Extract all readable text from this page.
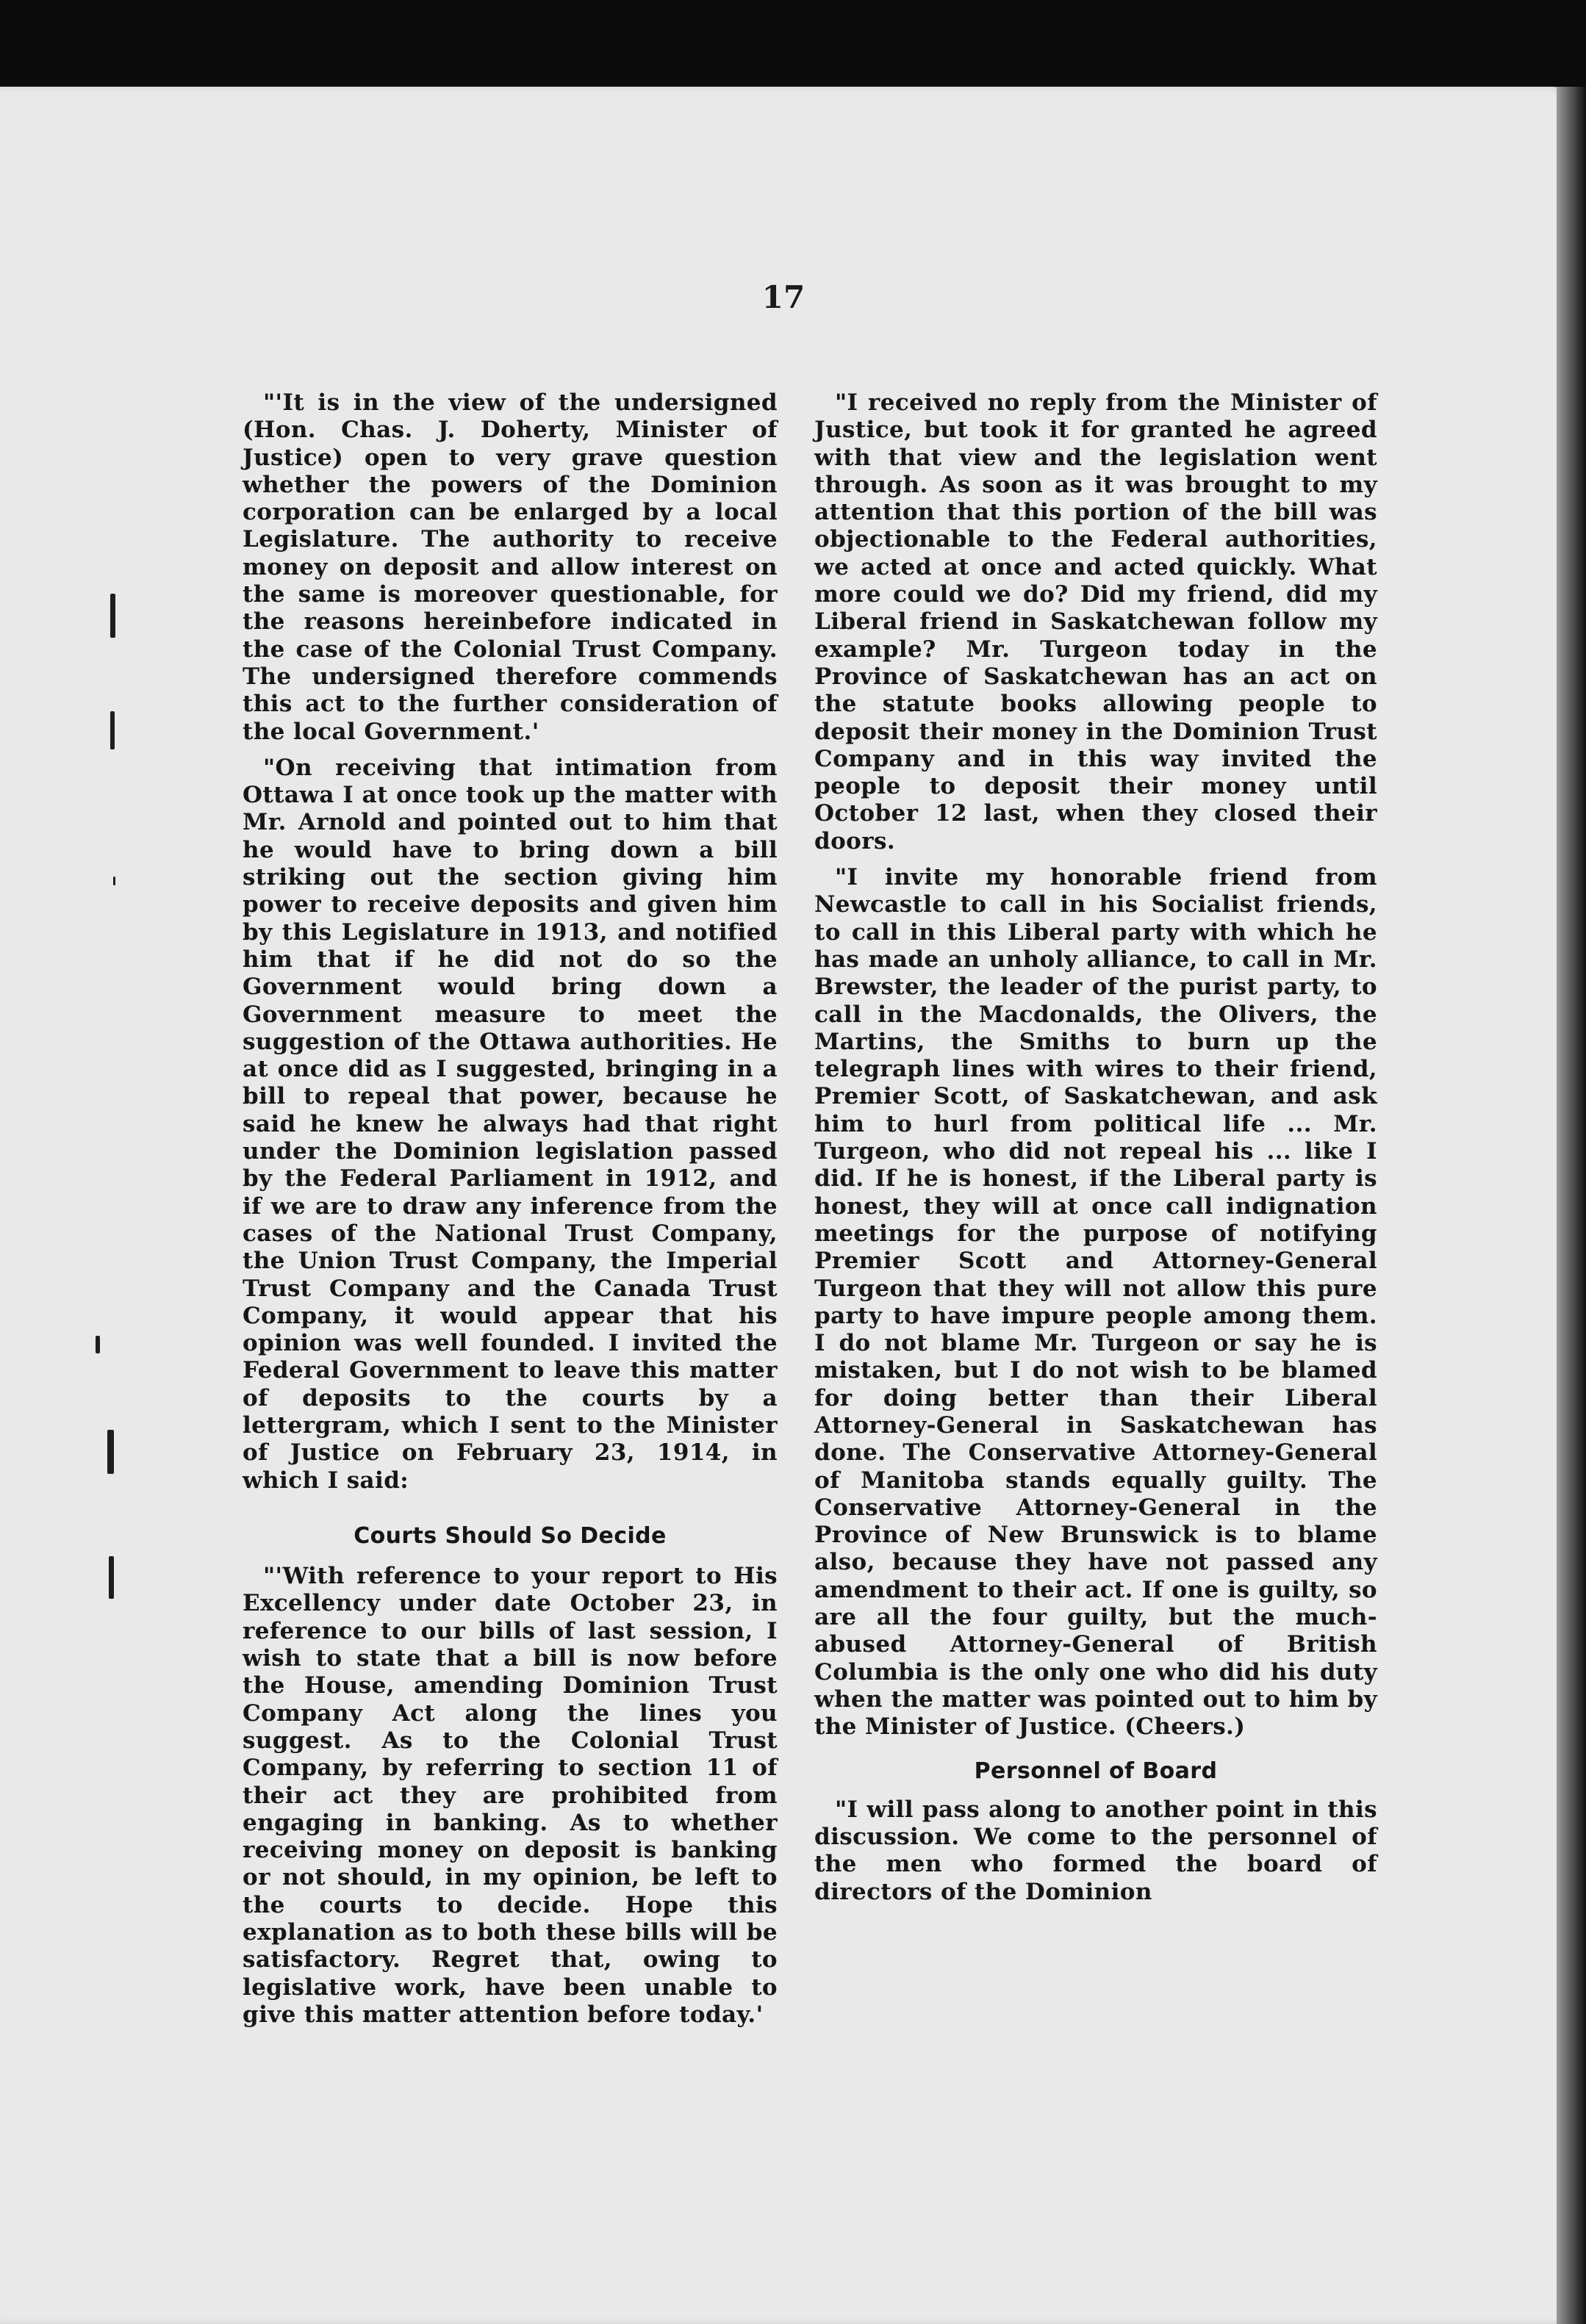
17

"'It is in the view of the undersigned (Hon. Chas. J. Doherty, Minister of Justice) open to very grave question whether the powers of the Dominion corporation can be enlarged by a local Legislature. The authority to receive money on deposit and allow interest on the same is moreover questionable, for the reasons hereinbefore indicated in the case of the Colonial Trust Company. The undersigned therefore commends this act to the further consideration of the local Government.'

"On receiving that intimation from Ottawa I at once took up the matter with Mr. Arnold and pointed out to him that he would have to bring down a bill striking out the section giving him power to receive deposits and given him by this Legislature in 1913, and notified him that if he did not do so the Government would bring down a Government measure to meet the suggestion of the Ottawa authorities. He at once did as I suggested, bringing in a bill to repeal that power, because he said he knew he always had that right under the Dominion legislation passed by the Federal Parliament in 1912, and if we are to draw any inference from the cases of the National Trust Company, the Union Trust Company, the Imperial Trust Company and the Canada Trust Company, it would appear that his opinion was well founded. I invited the Federal Government to leave this matter of deposits to the courts by a lettergram, which I sent to the Minister of Justice on February 23, 1914, in which I said:

Courts Should So Decide

"'With reference to your report to His Excellency under date October 23, in reference to our bills of last session, I wish to state that a bill is now before the House, amending Dominion Trust Company Act along the lines you suggest. As to the Colonial Trust Company, by referring to section 11 of their act they are prohibited from engaging in banking. As to whether receiving money on deposit is banking or not should, in my opinion, be left to the courts to decide. Hope this explanation as to both these bills will be satisfactory. Regret that, owing to legislative work, have been unable to give this matter attention before today.'

"I received no reply from the Minister of Justice, but took it for granted he agreed with that view and the legislation went through. As soon as it was brought to my attention that this portion of the bill was objectionable to the Federal authorities, we acted at once and acted quickly. What more could we do? Did my friend, did my Liberal friend in Saskatchewan follow my example? Mr. Turgeon today in the Province of Saskatchewan has an act on the statute books allowing people to deposit their money in the Dominion Trust Company and in this way invited the people to deposit their money until October 12 last, when they closed their doors.

"I invite my honorable friend from Newcastle to call in his Socialist friends, to call in this Liberal party with which he has made an unholy alliance, to call in Mr. Brewster, the leader of the purist party, to call in the Macdonalds, the Olivers, the Martins, the Smiths to burn up the telegraph lines with wires to their friend, Premier Scott, of Saskatchewan, and ask him to hurl from political life ... Mr. Turgeon, who did not repeal his ... like I did. If he is honest, if the Liberal party is honest, they will at once call indignation meetings for the purpose of notifying Premier Scott and Attorney-General Turgeon that they will not allow this pure party to have impure people among them. I do not blame Mr. Turgeon or say he is mistaken, but I do not wish to be blamed for doing better than their Liberal Attorney-General in Saskatchewan has done. The Conservative Attorney-General of Manitoba stands equally guilty. The Conservative Attorney-General in the Province of New Brunswick is to blame also, because they have not passed any amendment to their act. If one is guilty, so are all the four guilty, but the much-abused Attorney-General of British Columbia is the only one who did his duty when the matter was pointed out to him by the Minister of Justice. (Cheers.)

Personnel of Board

"I will pass along to another point in this discussion. We come to the personnel of the men who formed the board of directors of the Dominion
